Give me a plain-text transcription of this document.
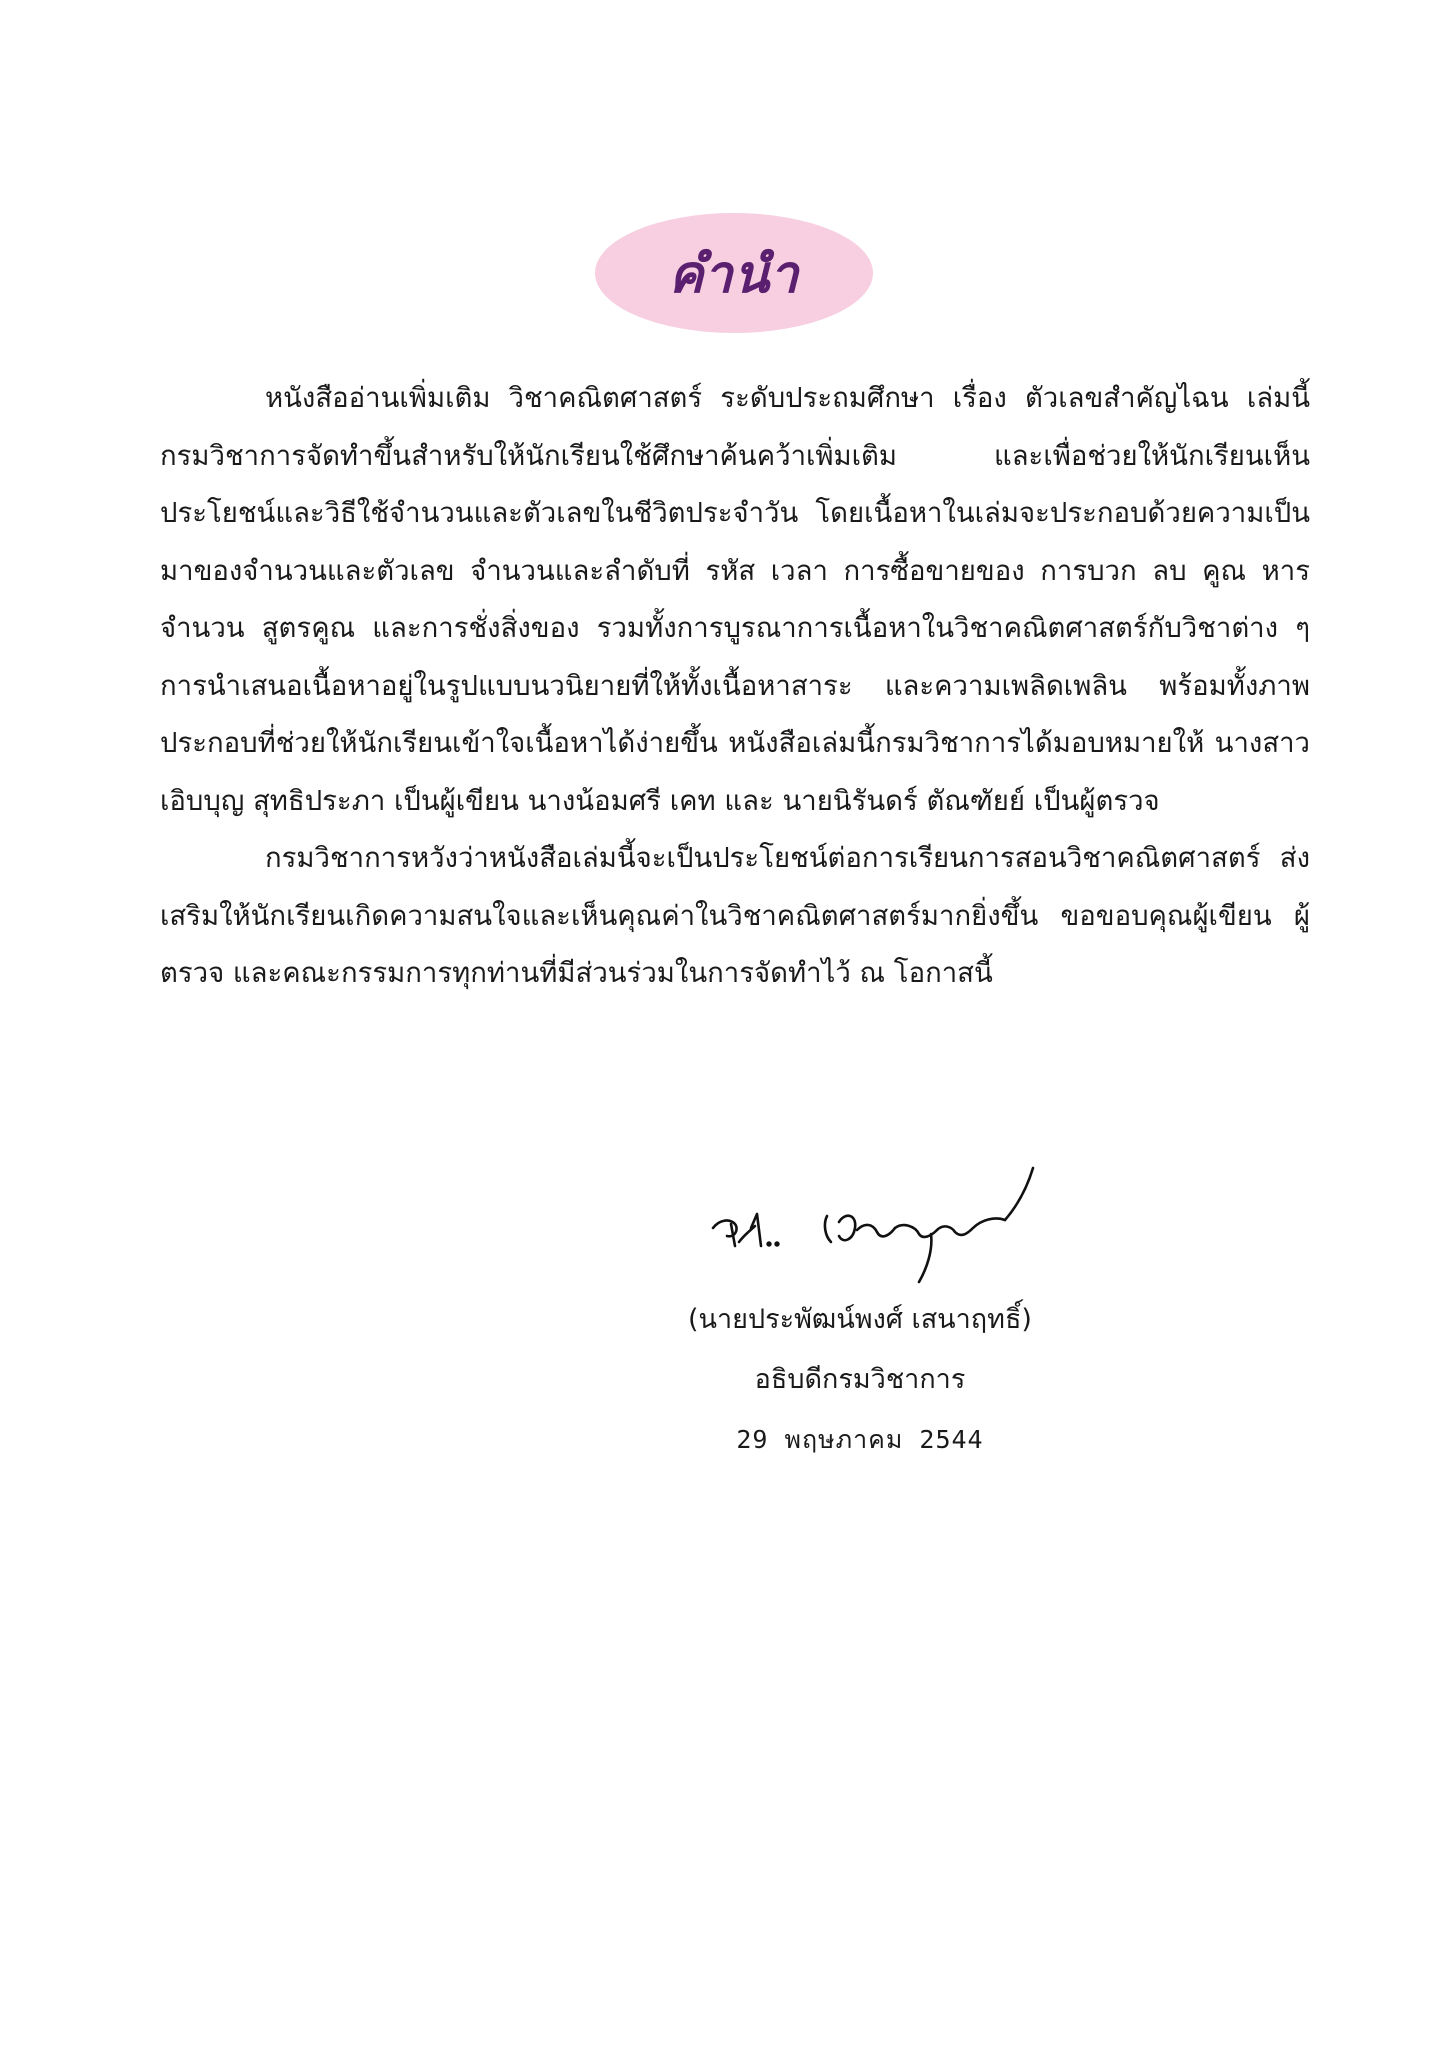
คำนำ

หนังสืออ่านเพิ่มเติม วิชาคณิตศาสตร์ ระดับประถมศึกษา เรื่อง ตัวเลขสำคัญไฉน เล่มนี้ กรมวิชาการจัดทำขึ้นสำหรับให้นักเรียนใช้ศึกษาค้นคว้าเพิ่มเติม และเพื่อช่วยให้นักเรียนเห็นประโยชน์และวิธีใช้จำนวนและตัวเลขในชีวิตประจำวัน โดยเนื้อหาในเล่มจะประกอบด้วยความเป็นมาของจำนวนและตัวเลข จำนวนและลำดับที่ รหัส เวลา การซื้อขายของ การบวก ลบ คูณ หารจำนวน สูตรคูณ และการชั่งสิ่งของ รวมทั้งการบูรณาการเนื้อหาในวิชาคณิตศาสตร์กับวิชาต่าง ๆ การนำเสนอเนื้อหาอยู่ในรูปแบบนวนิยายที่ให้ทั้งเนื้อหาสาระ และความเพลิดเพลิน พร้อมทั้งภาพประกอบที่ช่วยให้นักเรียนเข้าใจเนื้อหาได้ง่ายขึ้น หนังสือเล่มนี้กรมวิชาการได้มอบหมายให้ นางสาวเอิบบุญ สุทธิประภา เป็นผู้เขียน นางน้อมศรี เคท และ นายนิรันดร์ ตัณฑัยย์ เป็นผู้ตรวจ

กรมวิชาการหวังว่าหนังสือเล่มนี้จะเป็นประโยชน์ต่อการเรียนการสอนวิชาคณิตศาสตร์ ส่งเสริมให้นักเรียนเกิดความสนใจและเห็นคุณค่าในวิชาคณิตศาสตร์มากยิ่งขึ้น ขอขอบคุณผู้เขียน ผู้ตรวจ และคณะกรรมการทุกท่านที่มีส่วนร่วมในการจัดทำไว้ ณ โอกาสนี้

(นายประพัฒน์พงศ์ เสนาฤทธิ์)
อธิบดีกรมวิชาการ
29 พฤษภาคม 2544
